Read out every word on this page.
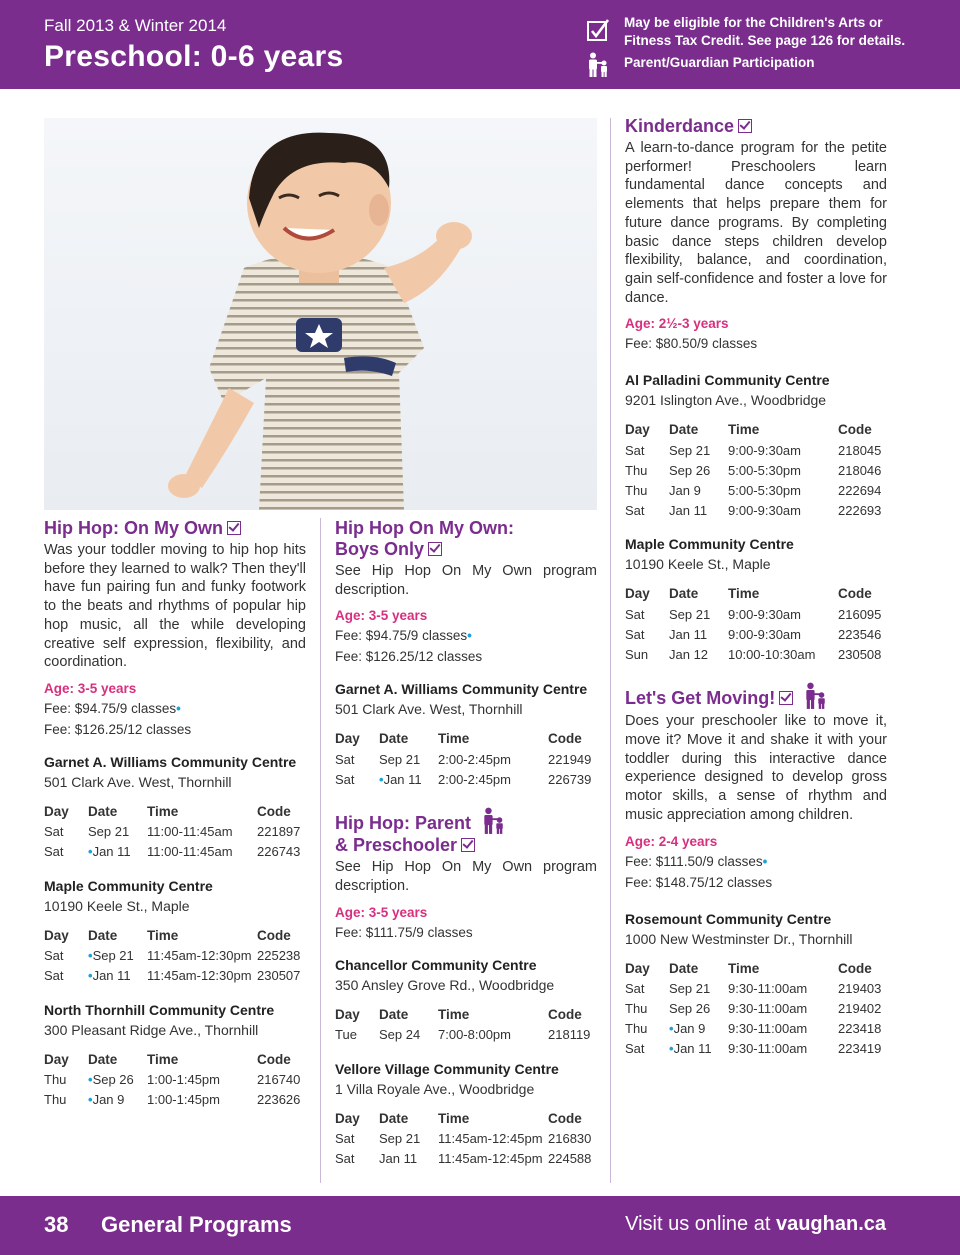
Fall 2013 & Winter 2014
Preschool: 0-6 years
May be eligible for the Children's Arts or
Fitness Tax Credit. See page 126 for details.
Parent/Guardian Participation
Hip Hop: On My Own
Was your toddler moving to hip hop hits before they learned to walk? Then they'll have fun pairing fun and funky footwork to the beats and rhythms of popular hip hop music, all the while developing creative self expression, flexibility, and coordination.
Age: 3-5 years
Fee: $94.75/9 classes•
Fee: $126.25/12 classes
Garnet A. Williams Community Centre
501 Clark Ave. West, Thornhill
Day	Date	Time	Code
Sat	Sep 21	11:00-11:45am	221897
Sat	•Jan 11	11:00-11:45am	226743
Maple Community Centre
10190 Keele St., Maple
Day	Date	Time	Code
Sat	•Sep 21	11:45am-12:30pm	225238
Sat	•Jan 11	11:45am-12:30pm	230507
North Thornhill Community Centre
300 Pleasant Ridge Ave., Thornhill
Day	Date	Time	Code
Thu	•Sep 26	1:00-1:45pm	216740
Thu	•Jan 9	1:00-1:45pm	223626
Hip Hop On My Own:
Boys Only
See Hip Hop On My Own program description.
Age: 3-5 years
Fee: $94.75/9 classes•
Fee: $126.25/12 classes
Garnet A. Williams Community Centre
501 Clark Ave. West, Thornhill
Day	Date	Time	Code
Sat	Sep 21	2:00-2:45pm	221949
Sat	•Jan 11	2:00-2:45pm	226739
Hip Hop: Parent
& Preschooler
See Hip Hop On My Own program description.
Age: 3-5 years
Fee: $111.75/9 classes
Chancellor Community Centre
350 Ansley Grove Rd., Woodbridge
Day	Date	Time	Code
Tue	Sep 24	7:00-8:00pm	218119
Vellore Village Community Centre
1 Villa Royale Ave., Woodbridge
Day	Date	Time	Code
Sat	Sep 21	11:45am-12:45pm	216830
Sat	Jan 11	11:45am-12:45pm	224588
Kinderdance
A learn-to-dance program for the petite performer! Preschoolers learn fundamental dance concepts and elements that helps prepare them for future dance programs. By completing basic dance steps children develop flexibility, balance, and coordination, gain self-confidence and foster a love for dance.
Age: 2½-3 years
Fee: $80.50/9 classes
Al Palladini Community Centre
9201 Islington Ave., Woodbridge
Day	Date	Time	Code
Sat	Sep 21	9:00-9:30am	218045
Thu	Sep 26	5:00-5:30pm	218046
Thu	Jan 9	5:00-5:30pm	222694
Sat	Jan 11	9:00-9:30am	222693
Maple Community Centre
10190 Keele St., Maple
Day	Date	Time	Code
Sat	Sep 21	9:00-9:30am	216095
Sat	Jan 11	9:00-9:30am	223546
Sun	Jan 12	10:00-10:30am	230508
Let's Get Moving!
Does your preschooler like to move it, move it? Move it and shake it with your toddler during this interactive dance experience designed to develop gross motor skills, a sense of rhythm and music appreciation among children.
Age: 2-4 years
Fee: $111.50/9 classes•
Fee: $148.75/12 classes
Rosemount Community Centre
1000 New Westminster Dr., Thornhill
Day	Date	Time	Code
Sat	Sep 21	9:30-11:00am	219403
Thu	Sep 26	9:30-11:00am	219402
Thu	•Jan 9	9:30-11:00am	223418
Sat	•Jan 11	9:30-11:00am	223419
38 General Programs	Visit us online at vaughan.ca
